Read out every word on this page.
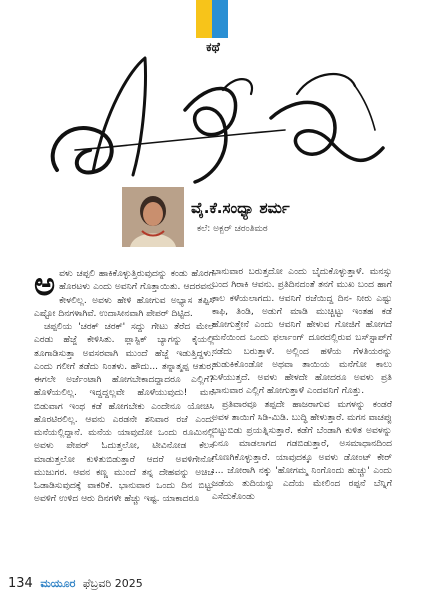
ಕಥೆ
ವೈ.ಕೆ.ಸಂಧ್ಯಾ ಶರ್ಮ
ಕಲೆ: ಅಕ್ಬರ್ ಚರಂತಿಮಠ

ಅವಳು ಚಪ್ಪಲಿ ಹಾಕಿಕೊಳ್ಳುತ್ತಿರುವುದನ್ನು ಕಂಡು ಹೊರಗೆ ಹೊರಟಳು ಎಂದು ಅವನಿಗೆ ಗೊತ್ತಾಯಿತು. ಆದರವನು ಕೇಳಲಿಲ್ಲ. ಅವಳು ಹೇಳಿ ಹೋಗುವ ಅಭ್ಯಾಸ ತಪ್ಪಿಸಿ ಎಷ್ಟೋ ದಿನಗಳಾಗಿವೆ. ಉದಾಸೀನವಾಗಿ ಪೇಪರ್ ದಿಟ್ಟಿದ.

ಚಪ್ಪಲಿಯ 'ಚರಕ್ ಚರಕ್' ಸದ್ದು ಗೇಟು ತೆರೆದ ಮೇಲೆ ಎರಡು ಹೆಜ್ಜೆ ಕೇಳಿಸಿತು. ಪ್ಲಾಸ್ಟಿಕ್ ಬ್ಯಾಗನ್ನು ಕೈಯಲ್ಲಿ ತೂಗಾಡಿಸುತ್ತಾ ಅವಸರವಾಗಿ ಮುಂದೆ ಹೆಜ್ಜೆ ಇಡುತ್ತಿದ್ದಳು. ಎಂದು ಗಲೀಗೆ ತಡೆದು ನಿಂತಳು. ಹೌದು... ತನ್ನಾತ್ಮಪ್ಪ ಆತುರ, ಈಗಲೇ ಅರ್ಜೆಂಟಾಗಿ ಹೋಗಬೇಕಾದದ್ದಾದರೂ ಎಲ್ಲಿಗೆ? ಹೊಳೆಯಲಿಲ್ಲ. ಇದ್ದದ್ದಲ್ಲವೇ ಹೊಳೆಯುವುದು! ಮನೆ ಬಿಡುವಾಗ ಇಂಥ ಕಡೆ ಹೋಗಬೇಕು ಎಂದೇನೂ ಯೋಚಿಸಿ ಹೊರಟಿರಲಿಲ್ಲ. ಆವನು ಎರಡನೇ ಶನಿವಾರ ರಜೆ ಎಂದು ಮನೆಯಲ್ಲಿದ್ದಾನೆ. ಮನೆಯ ಯಾವುದೋ ಒಂದು ರೂಮಿನಲ್ಲಿ ಅವಳು ಪೇಪರ್ ಓದುತ್ತಲೋ, ಟೀವಿನೋಡ ಕೆಲಸ ಮಾಡುತ್ತಲೋ ಕುಳಿತುಬಿಡುತ್ತಾರೆ ಆದರೆ ಅವಳಿಗೇನೋ ಮುಜುಗರ. ಆವನ ಕಣ್ಣ ಮುಂದೆ ತನ್ನ ದೇಹವನ್ನು ಅಚಿಚೆ ಓಡಾಡಿಸುವುದಕ್ಕೆ ವಾಕರಿಕೆ. ಭಾನುವಾರ ಒಂದು ದಿನ ಬಿಟ್ಟು ಅವಳಿಗೆ ಉಳಿದ ಆರು ದಿನಗಳೇ ಹೆಚ್ಚು ಇಷ್ಟ. ಯಾಕಾದರೂ

ಭಾನುವಾರ ಬರುತ್ತದೋ ಎಂದು ಬೈದುಕೊಳ್ಳುತ್ತಾಳೆ. ಮನಸ್ಸು ಬಂದ ಗಿರಾಕಿ ಆವನು. ಪ್ರತಿದಿನದಂತೆ ತನಗೆ ಮುಖ ಬಂದ ಹಾಗೆ ಕಾಲ ಕಳೆಯಲಾಗದು. ಆವನಿಗೆ ರಜೆಯಿದ್ದ ದಿನ- ನೀರು ಎಷ್ಟು ಕಾಫಿ, ತಿಂಡಿ, ಅಡುಗೆ ಮಾಡಿ ಮುಚ್ಚಿಟ್ಟು ಇಂತಹ ಕಡೆ ಹೋಗುತ್ತೇನೆ ಎಂದು ಆವನಿಗೆ ಹೇಳುವ ಗೋಜಿಗೆ ಹೋಗದೆ ಮನೆಯಿಂದ ಒಂದು ಫರ್ಲಾಂಗ್ ದೂರದಲ್ಲಿರುವ ಬಸ್‌ಸ್ಟಾಪ್‌ಗೆ ನಡೆದು ಬರುತ್ತಾಳೆ. ಅಲ್ಲಿಂದ ಹಳೆಯ ಗೆಳತಿಯರನ್ನು ಹುಡುಕಿಕೊಂಡೋ ಅಥವಾ ತಾಯಿಯ ಮನೆಗೋ ಕಾಲು ಎಳೆಯುತ್ತದೆ. ಅವಳು ಹೇಳದೇ ಹೋದರೂ ಅವಳು ಪ್ರತಿ ಭಾನುವಾರ ಎಲ್ಲಿಗೆ ಹೋಗುತ್ತಾಳೆ ಎಂದವನಿಗೆ ಗೊತ್ತು.

ಪ್ರತಿವಾರವೂ ತಪ್ಪದೇ ಹಾಜರಾಗುವ ಮಗಳನ್ನು ಕಂಡರೆ ಅವಳ ತಾಯಿಗೆ ಸಿಡಿ-ಮಿಡಿ. ಬುದ್ಧಿ ಹೇಳುತ್ತಾರೆ. ಮಗನ ವಾಚಪ್ಪು ಬಿಟ್ಟುಬಿಡು ಪ್ರಯತ್ನಿಸುತ್ತಾರೆ. ಕಡೆಗೆ ಬೆಂಡಾಗಿ ಕುಳಿತ ಅವಳನ್ನು ಏನೂ ಮಾಡಲಾಗದ ಗಡಬಿಡುತ್ತಾರೆ, ಅಸಮಾಧಾನದಿಂದ ಗೊಣಗಿಕೊಳ್ಳುತ್ತಾರೆ. ಯಾವುದಕ್ಕೂ ಅವಳು ಡೋಂಟ್ ಕೇರ್ .... ಜೋರಾಗಿ ನಕ್ಕು 'ಹೋಗಮ್ಮ ನಿಂಗೊಂದು ಹುಚ್ಚು' ಎಂದು ಜಡೆಯ ತುದಿಯನ್ನು ಎದೆಯ ಮೇಲಿಂದ ರಪ್ಪನೆ ಬೆನ್ನಿಗೆ ಎಸೆದುಕೊಂಡು

134 ಮಯೂರ ಫೆಬ್ರವರಿ 2025
